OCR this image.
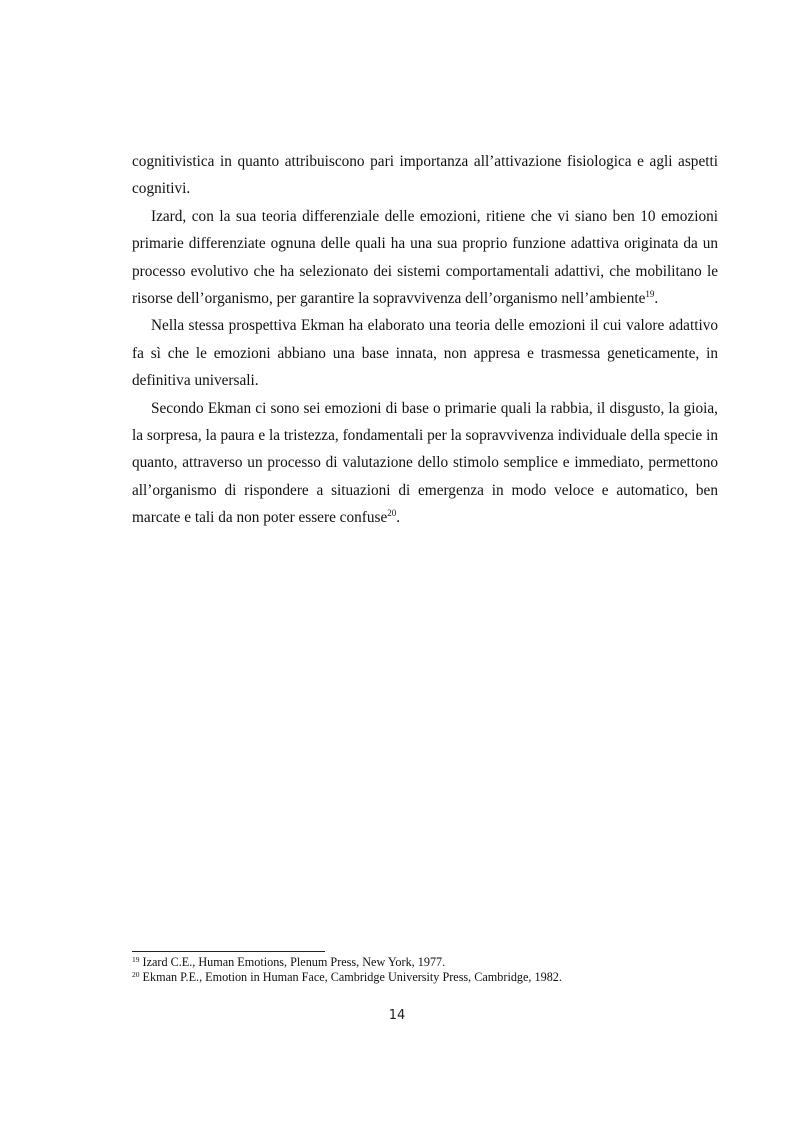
cognitivistica in quanto attribuiscono pari importanza all’attivazione fisiologica e agli aspetti cognitivi.

Izard, con la sua teoria differenziale delle emozioni, ritiene che vi siano ben 10 emozioni primarie differenziate ognuna delle quali ha una sua proprio funzione adattiva originata da un processo evolutivo che ha selezionato dei sistemi comportamentali adattivi, che mobilitano le risorse dell’organismo, per garantire la sopravvivenza dell’organismo nell’ambiente$^{19}$.

Nella stessa prospettiva Ekman ha elaborato una teoria delle emozioni il cui valore adattivo fa sì che le emozioni abbiano una base innata, non appresa e trasmessa geneticamente, in definitiva universali.

Secondo Ekman ci sono sei emozioni di base o primarie quali la rabbia, il disgusto, la gioia, la sorpresa, la paura e la tristezza, fondamentali per la sopravvivenza individuale della specie in quanto, attraverso un processo di valutazione dello stimolo semplice e immediato, permettono all’organismo di rispondere a situazioni di emergenza in modo veloce e automatico, ben marcate e tali da non poter essere confuse$^{20}$.

$^{19}$ Izard C.E., Human Emotions, Plenum Press, New York, 1977.
$^{20}$ Ekman P.E., Emotion in Human Face, Cambridge University Press, Cambridge, 1982.
14
